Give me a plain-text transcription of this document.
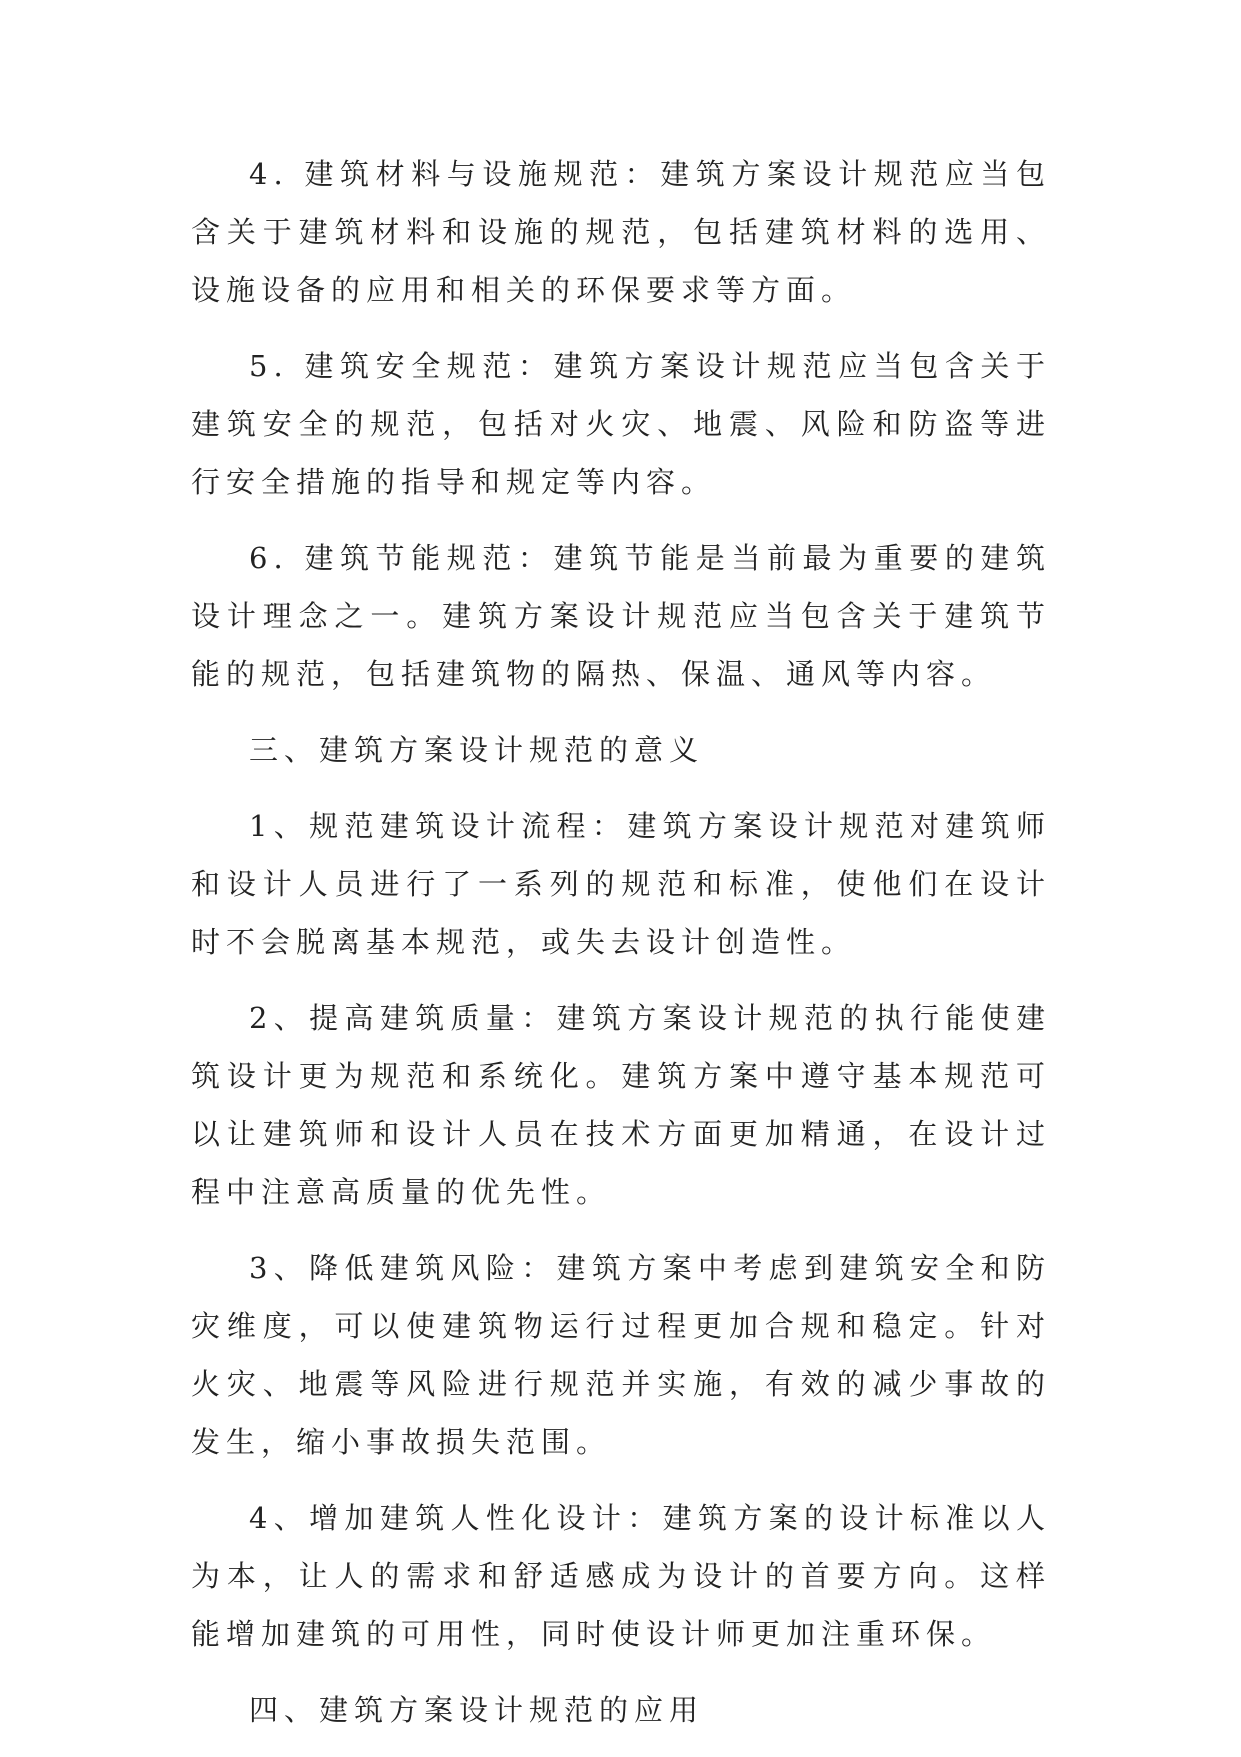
4. 建筑材料与设施规范：建筑方案设计规范应当包含关于建筑材料和设施的规范，包括建筑材料的选用、设施设备的应用和相关的环保要求等方面。

5. 建筑安全规范：建筑方案设计规范应当包含关于建筑安全的规范，包括对火灾、地震、风险和防盗等进行安全措施的指导和规定等内容。

6. 建筑节能规范：建筑节能是当前最为重要的建筑设计理念之一。建筑方案设计规范应当包含关于建筑节能的规范，包括建筑物的隔热、保温、通风等内容。

三、建筑方案设计规范的意义

1、规范建筑设计流程：建筑方案设计规范对建筑师和设计人员进行了一系列的规范和标准，使他们在设计时不会脱离基本规范，或失去设计创造性。

2、提高建筑质量：建筑方案设计规范的执行能使建筑设计更为规范和系统化。建筑方案中遵守基本规范可以让建筑师和设计人员在技术方面更加精通，在设计过程中注意高质量的优先性。

3、降低建筑风险：建筑方案中考虑到建筑安全和防灾维度，可以使建筑物运行过程更加合规和稳定。针对火灾、地震等风险进行规范并实施，有效的减少事故的发生，缩小事故损失范围。

4、增加建筑人性化设计：建筑方案的设计标准以人为本，让人的需求和舒适感成为设计的首要方向。这样能增加建筑的可用性，同时使设计师更加注重环保。

四、建筑方案设计规范的应用
